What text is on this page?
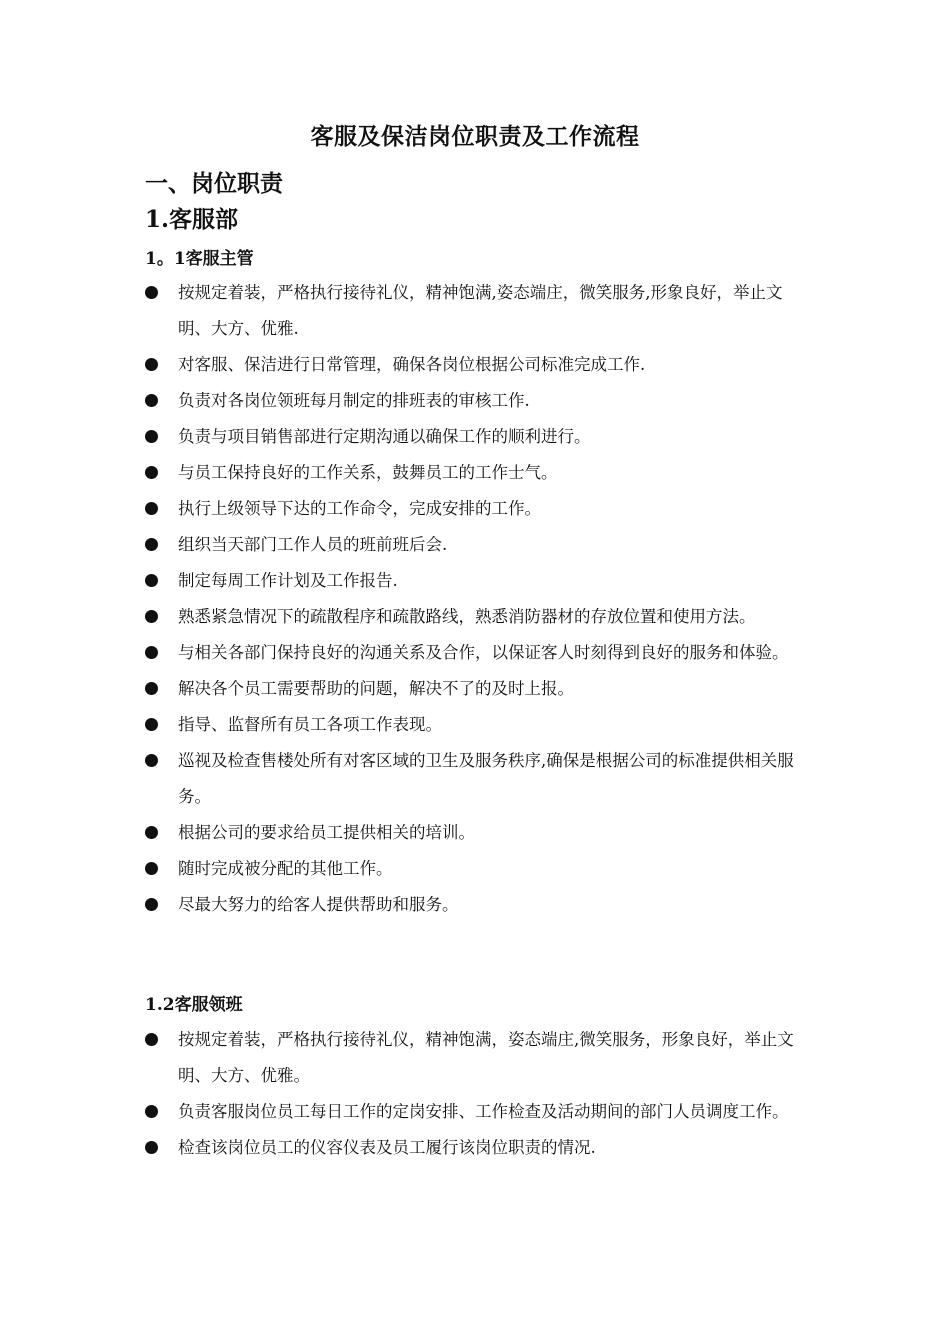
客服及保洁岗位职责及工作流程
一、岗位职责
1.客服部
1。1客服主管
按规定着装，严格执行接待礼仪，精神饱满,姿态端庄，微笑服务,形象良好，举止文明、大方、优雅.
对客服、保洁进行日常管理，确保各岗位根据公司标准完成工作.
负责对各岗位领班每月制定的排班表的审核工作.
负责与项目销售部进行定期沟通以确保工作的顺利进行。
与员工保持良好的工作关系，鼓舞员工的工作士气。
执行上级领导下达的工作命令，完成安排的工作。
组织当天部门工作人员的班前班后会.
制定每周工作计划及工作报告.
熟悉紧急情况下的疏散程序和疏散路线，熟悉消防器材的存放位置和使用方法。
与相关各部门保持良好的沟通关系及合作，以保证客人时刻得到良好的服务和体验。
解决各个员工需要帮助的问题，解决不了的及时上报。
指导、监督所有员工各项工作表现。
巡视及检查售楼处所有对客区域的卫生及服务秩序,确保是根据公司的标准提供相关服务。
根据公司的要求给员工提供相关的培训。
随时完成被分配的其他工作。
尽最大努力的给客人提供帮助和服务。
1.2客服领班
按规定着装，严格执行接待礼仪，精神饱满，姿态端庄,微笑服务，形象良好，举止文明、大方、优雅。
负责客服岗位员工每日工作的定岗安排、工作检查及活动期间的部门人员调度工作。
检查该岗位员工的仪容仪表及员工履行该岗位职责的情况.
